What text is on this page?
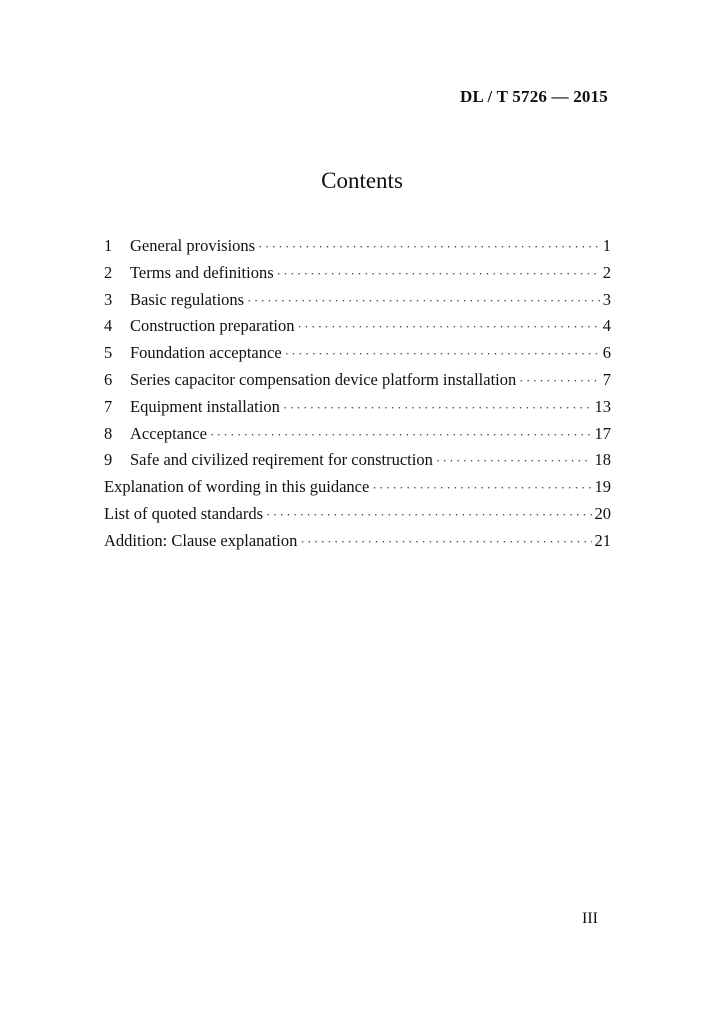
DL / T 5726 — 2015
Contents
1	General provisions ·····	1
2	Terms and definitions ·····	2
3	Basic regulations ·····	3
4	Construction preparation ·····	4
5	Foundation acceptance ·····	6
6	Series capacitor compensation device platform installation ·····	7
7	Equipment installation ·····	13
8	Acceptance ·····	17
9	Safe and civilized reqirement for construction ·····	18
Explanation of wording in this guidance ·····	19
List of quoted standards ·····	20
Addition: Clause explanation ·····	21
III
